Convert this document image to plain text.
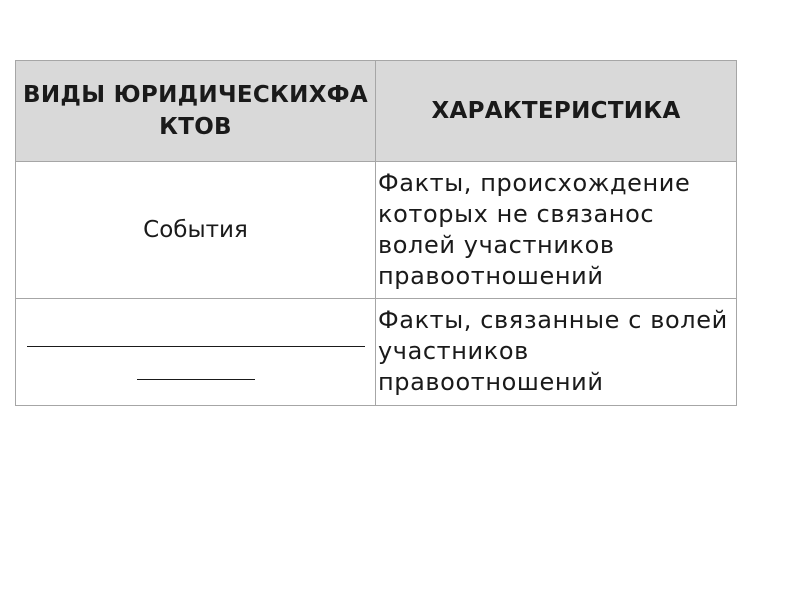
ВИДЫ ЮРИДИЧЕСКИХФАКТОВ	ХАРАКТЕРИСТИКА
События	Факты, происхождение которых не связанос волей участников правоотношений

	Факты, связанные с волей участников правоотношений
